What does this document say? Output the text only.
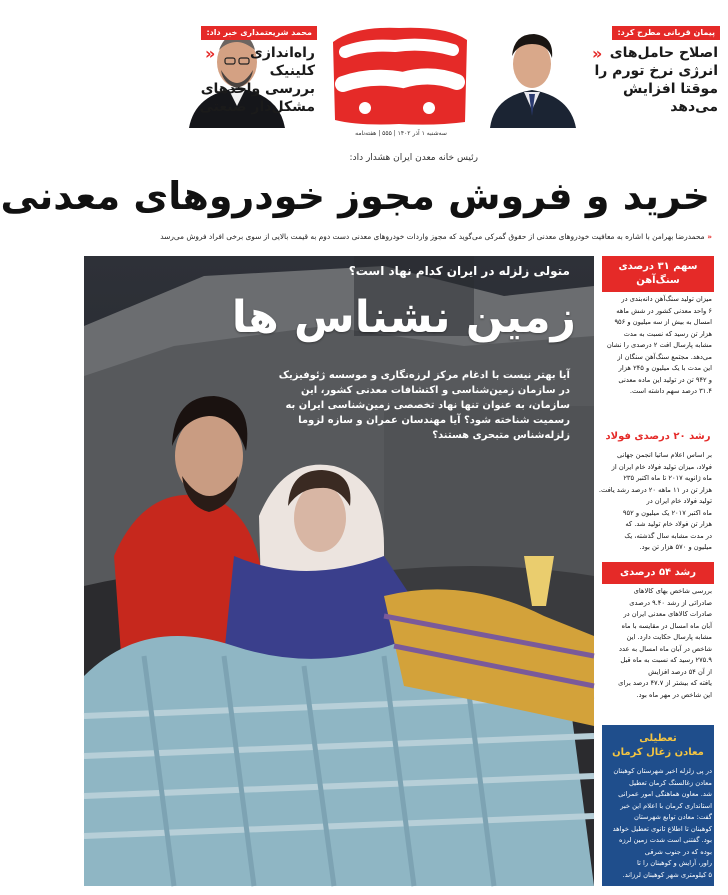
پیمان قربانی مطرح کرد:
« اصلاح حامل‌های
انرژی نرخ تورم را
موقتا افزایش
می‌دهد
سه‌شنبه ۱ آذر ۱۴۰۲ | ۵۵۵ | هفته‌نامه
محمد شریعتمداری خبر داد:
«	راه‌اندازی
کلینیک
بررسی واحدهای
مشکل‌دار صنعتی
رئیس خانه معدن ایران هشدار داد:
خرید و فروش مجوز خودروهای معدنی
« محمدرضا بهرامن با اشاره به معافیت خودروهای معدنی از حقوق گمرکی می‌گوید که مجوز واردات خودروهای معدنی دست دوم به قیمت بالایی از سوی برخی افراد فروش می‌رسد
متولی زلزله در ایران کدام نهاد است؟
زمین‌ نشناس‌ ها
آیا بهتر نیست با ادغام مرکز لرزه‌نگاری و موسسه ژئوفیزیک
در سازمان زمین‌شناسی و اکتشافات معدنی کشور، این
سازمان، به عنوان تنها نهاد تخصصی زمین‌شناسی ایران به
رسمیت شناخته شود؟ آیا مهندسان عمران و سازه لزوما
زلزله‌شناس متبحری هستند؟
سهم ۳۱ درصدی
سنگ‌آهن
میزان تولید سنگ‌آهن دانه‌بندی در
۶ واحد معدنی کشور در شش ماهه
امسال به بیش از سه میلیون و ۹۵۶
هزار تن رسید که نسبت به مدت
مشابه پارسال افت ۲ درصدی را نشان
می‌دهد. مجتمع سنگ‌آهن سنگان از
این مدت با یک میلیون و ۲۴۵ هزار
و ۹۴۲ تن در تولید این ماده معدنی
۳۱.۴ درصد سهم داشته است.
رشد ۲۰ درصدی فولاد
بر اساس اعلام ساتیا انجمن جهانی
فولاد، میزان تولید فولاد خام ایران از
ماه ژانویه ۲۰۱۷ تا ماه اکتبر ۲۳۵
هزار تن در ۱۱ ماهه ۲۰ درصد رشد یافت.
تولید فولاد خام ایران در
ماه اکتبر ۲۰۱۷ یک میلیون و ۹۵۲
هزار تن فولاد خام تولید شد. که
در مدت مشابه سال گذشته، یک
میلیون و ۵۷۰ هزار تن بود.
رشد ۵۴ درصدی
بررسی شاخص بهای کالاهای
صادراتی از رشد ۹.۴۰ درصدی
صادرات کالاهای معدنی ایران در
آبان ماه امسال در مقایسه با ماه
مشابه پارسال حکایت دارد. این
شاخص در آبان ماه امسال به عدد
۲۷۵.۹ رسید که نسبت به ماه قبل
از آن ۵۴ درصد افزایش
یافته که بیشتر از ۴۷.۷ درصد برای
این شاخص در مهر ماه بود.
تعطیلی
معادن زغال کرمان
در پی زلزله اخیر شهرستان کوهبنان
معادن زغالسنگ کرمان تعطیل
شد. معاون هماهنگی امور عمرانی
استانداری کرمان با اعلام این خبر
گفت: معادن توابع شهرستان
کوهبنان تا اطلاع ثانوی تعطیل خواهد
بود. گفتنی است شدت زمین لرزه
بوده که در جنوب شرقی
راور، آرایش و کوهبنان را تا
۵ کیلومتری شهر کوهبنان لرزاند.
